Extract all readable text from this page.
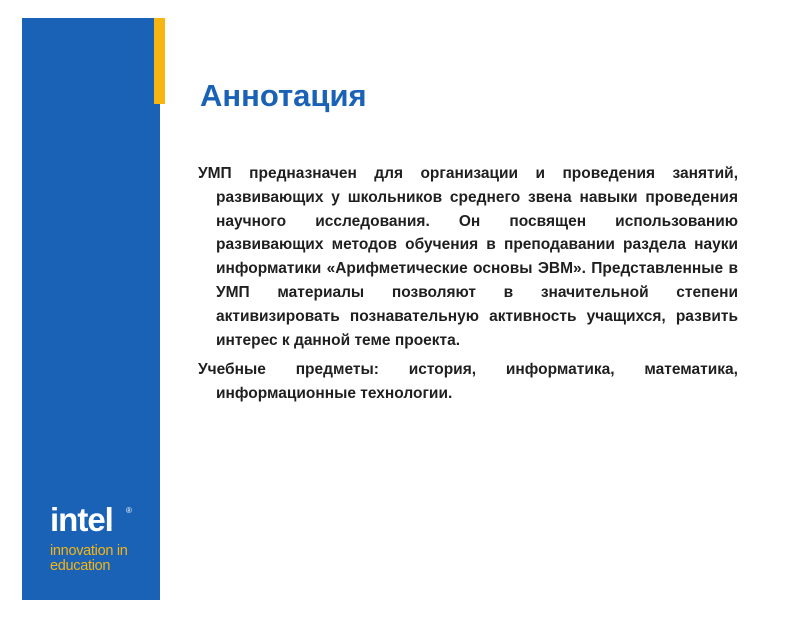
intel	®
innovation in
education
Аннотация

УМП предназначен для организации и проведения занятий, развивающих у школьников среднего звена навыки проведения научного исследования. Он посвящен использованию развивающих методов обучения в преподавании раздела науки информатики «Арифметические основы ЭВМ». Представленные в УМП материалы позволяют в значительной степени активизировать познавательную активность учащихся, развить интерес к данной теме проекта.

Учебные предметы: история, информатика, математика, информационные технологии.
